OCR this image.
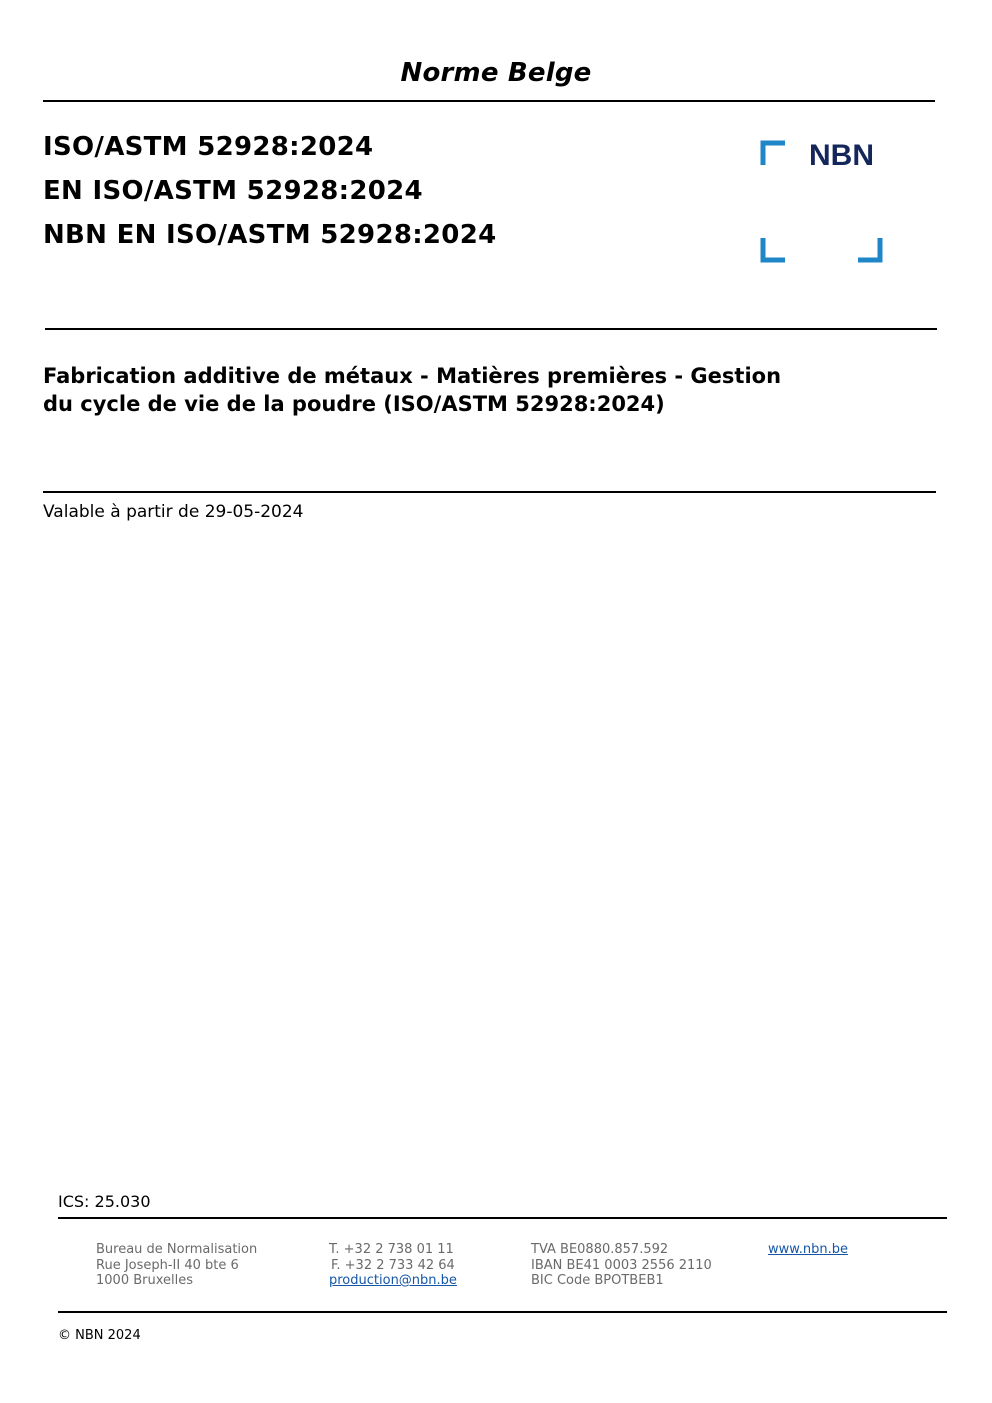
Norme Belge
ISO/ASTM 52928:2024
EN ISO/ASTM 52928:2024
NBN EN ISO/ASTM 52928:2024
NBN
Fabrication additive de métaux - Matières premières - Gestion
du cycle de vie de la poudre (ISO/ASTM 52928:2024)
Valable à partir de 29-05-2024
ICS: 25.030
Bureau de Normalisation
Rue Joseph-II 40 bte 6
1000 Bruxelles
T. +32 2 738 01 11
F. +32 2 733 42 64
production@nbn.be
TVA BE0880.857.592
IBAN BE41 0003 2556 2110
BIC Code BPOTBEB1
www.nbn.be
© NBN 2024
